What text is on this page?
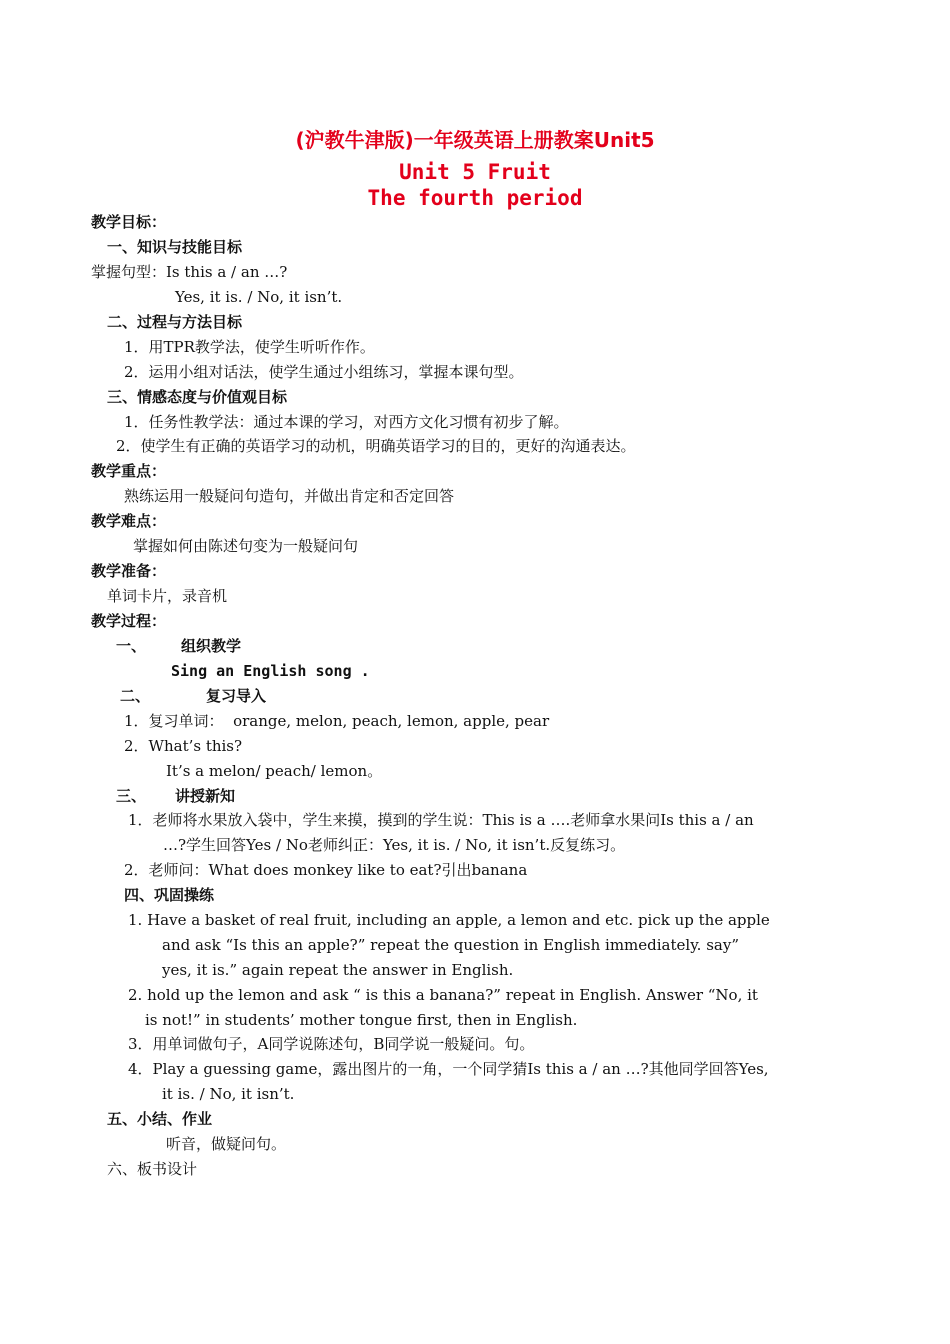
(沪教牛津版)一年级英语上册教案Unit5
Unit 5 Fruit
The fourth period
教学目标：
一、知识与技能目标
掌握句型：Is this a / an …?
Yes, it is. / No, it isn’t.
二、过程与方法目标
1．用TPR教学法，使学生听听作作。
2．运用小组对话法，使学生通过小组练习，掌握本课句型。
三、情感态度与价值观目标
1．任务性教学法：通过本课的学习，对西方文化习惯有初步了解。
2．使学生有正确的英语学习的动机，明确英语学习的目的，更好的沟通表达。
教学重点：
熟练运用一般疑问句造句，并做出肯定和否定回答
教学难点：
掌握如何由陈述句变为一般疑问句
教学准备：
单词卡片，录音机
教学过程：
一、 组织教学
Sing an English song .
二、	复习导入
1．复习单词：  orange, melon, peach, lemon, apple, pear
2．What’s this?
It’s a melon/ peach/ lemon。
三、 讲授新知
1．老师将水果放入袋中，学生来摸，摸到的学生说：This is a ….老师拿水果问Is this a / an
…?学生回答Yes / No老师纠正：Yes, it is. / No, it isn’t.反复练习。
2．老师问：What does monkey like to eat?引出banana
四、巩固操练
1. Have a basket of real fruit, including an apple, a lemon and etc. pick up the apple
and ask “Is this an apple?” repeat the question in English immediately. say”
yes, it is.” again repeat the answer in English.
2. hold up the lemon and ask “ is this a banana?” repeat in English. Answer “No, it
is not!” in students’ mother tongue first, then in English.
3．用单词做句子，A同学说陈述句，B同学说一般疑问。句。
4．Play a guessing game，露出图片的一角，一个同学猜Is this a / an …?其他同学回答Yes,
it is. / No, it isn’t.
五、小结、作业
听音，做疑问句。
六、板书设计
